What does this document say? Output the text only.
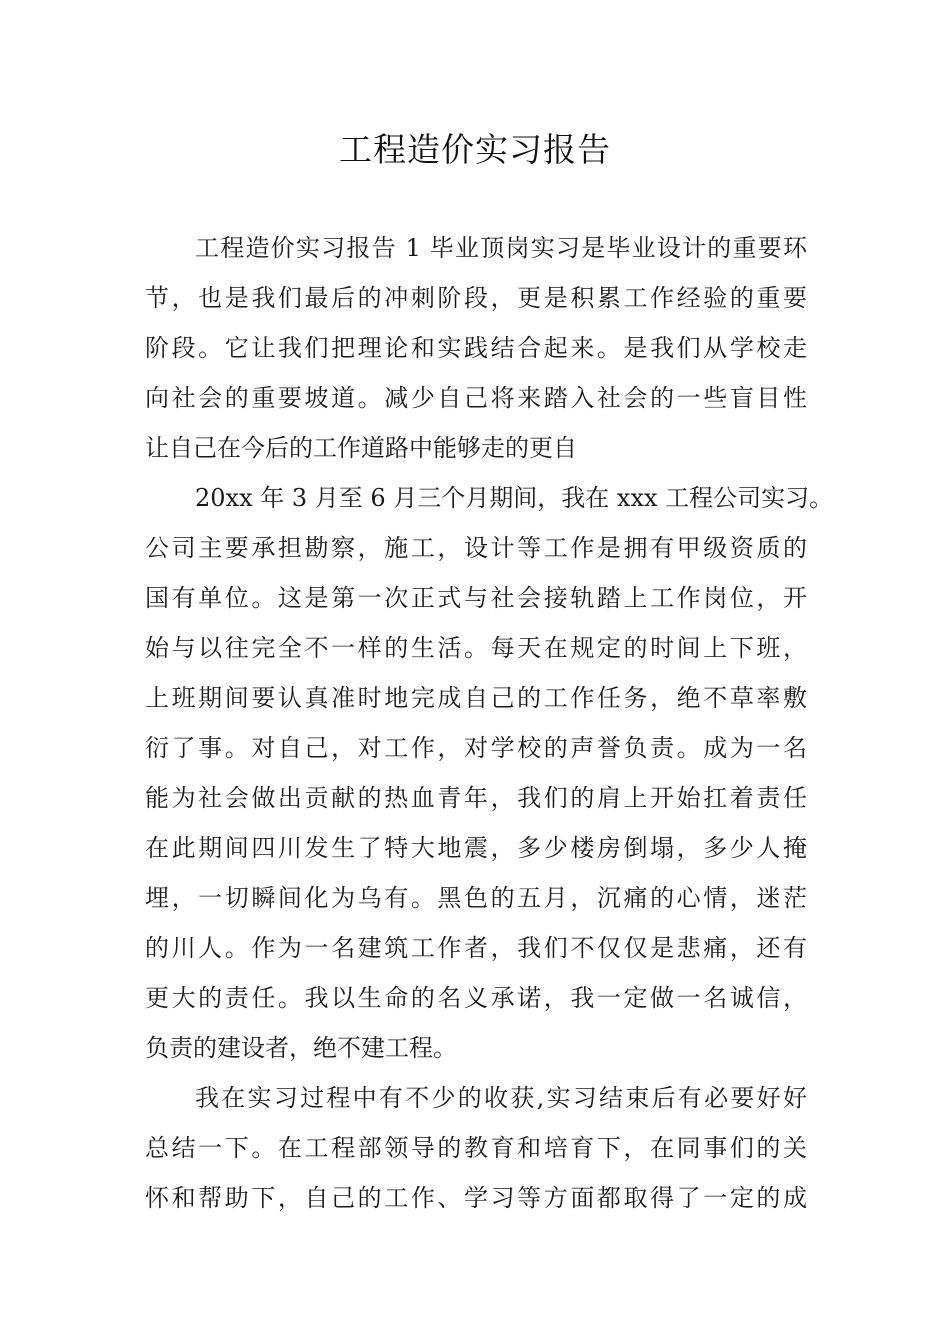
工程造价实习报告
工程造价实习报告 1 毕业顶岗实习是毕业设计的重要环
节，也是我们最后的冲刺阶段，更是积累工作经验的重要
阶段。它让我们把理论和实践结合起来。是我们从学校走
向社会的重要坡道。减少自己将来踏入社会的一些盲目性
让自己在今后的工作道路中能够走的更自
20xx 年 3 月至 6 月三个月期间，我在 xxx 工程公司实习。
公司主要承担勘察，施工，设计等工作是拥有甲级资质的
国有单位。这是第一次正式与社会接轨踏上工作岗位，开
始与以往完全不一样的生活。每天在规定的时间上下班，
上班期间要认真准时地完成自己的工作任务，绝不草率敷
衍了事。对自己，对工作，对学校的声誉负责。成为一名
能为社会做出贡献的热血青年，我们的肩上开始扛着责任
在此期间四川发生了特大地震，多少楼房倒塌，多少人掩
埋，一切瞬间化为乌有。黑色的五月，沉痛的心情，迷茫
的川人。作为一名建筑工作者，我们不仅仅是悲痛，还有
更大的责任。我以生命的名义承诺，我一定做一名诚信，
负责的建设者，绝不建工程。
我在实习过程中有不少的收获,实习结束后有必要好好
总结一下。在工程部领导的教育和培育下，在同事们的关
怀和帮助下，自己的工作、学习等方面都取得了一定的成
